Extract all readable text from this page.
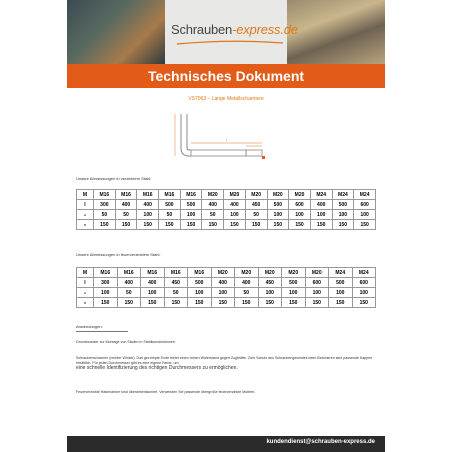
Schrauben-express.de
Technisches Dokument
VS7063 – Lange Metallscharniere
l
Unsere Abmessungen in verzinktem Stahl:
M	M16	M16	M16	M16	M16	M20	M20	M20	M20	M20	M24	M24	M24
l	300	400	400	500	500	400	400	450	500	600	400	500	600
H	50	50	100	50	100	50	100	50	100	100	100	100	100
B	150	150	150	150	150	150	150	150	150	150	150	150	150
Unsere Abmessungen in feuerverzinktem Stahl:
M	M16	M16	M16	M16	M16	M20	M20	M20	M20	M20	M24	M24
l	300	400	400	450	500	400	400	450	500	600	500	600
H	100	50	100	50	100	100	50	100	100	100	100	100
B	150	150	150	150	150	150	150	150	150	150	150	150
Anwendungen:
Grundscanker zur Montage von Säulen in Stahlkonstruktionen.
Schraubenscharnier (rechter Winkel). Das gecrimpte Ende bietet einen hohen Widerstand gegen Zugkräfte. Zum Schutz des Schraubengewindes beim Betonieren sind passende Kappen erhältlich. Für jeden Durchmesser gibt es eine eigene Farbe, um
eine schnelle Identifizierung des richtigen Durchmessers zu ermöglichen.
Feuerverzinkte Hakenanker sind überdimensioniert. Verwenden Sie passende übergroße feuerverzinkte Muttern.
kundendienst@schrauben-express.de
